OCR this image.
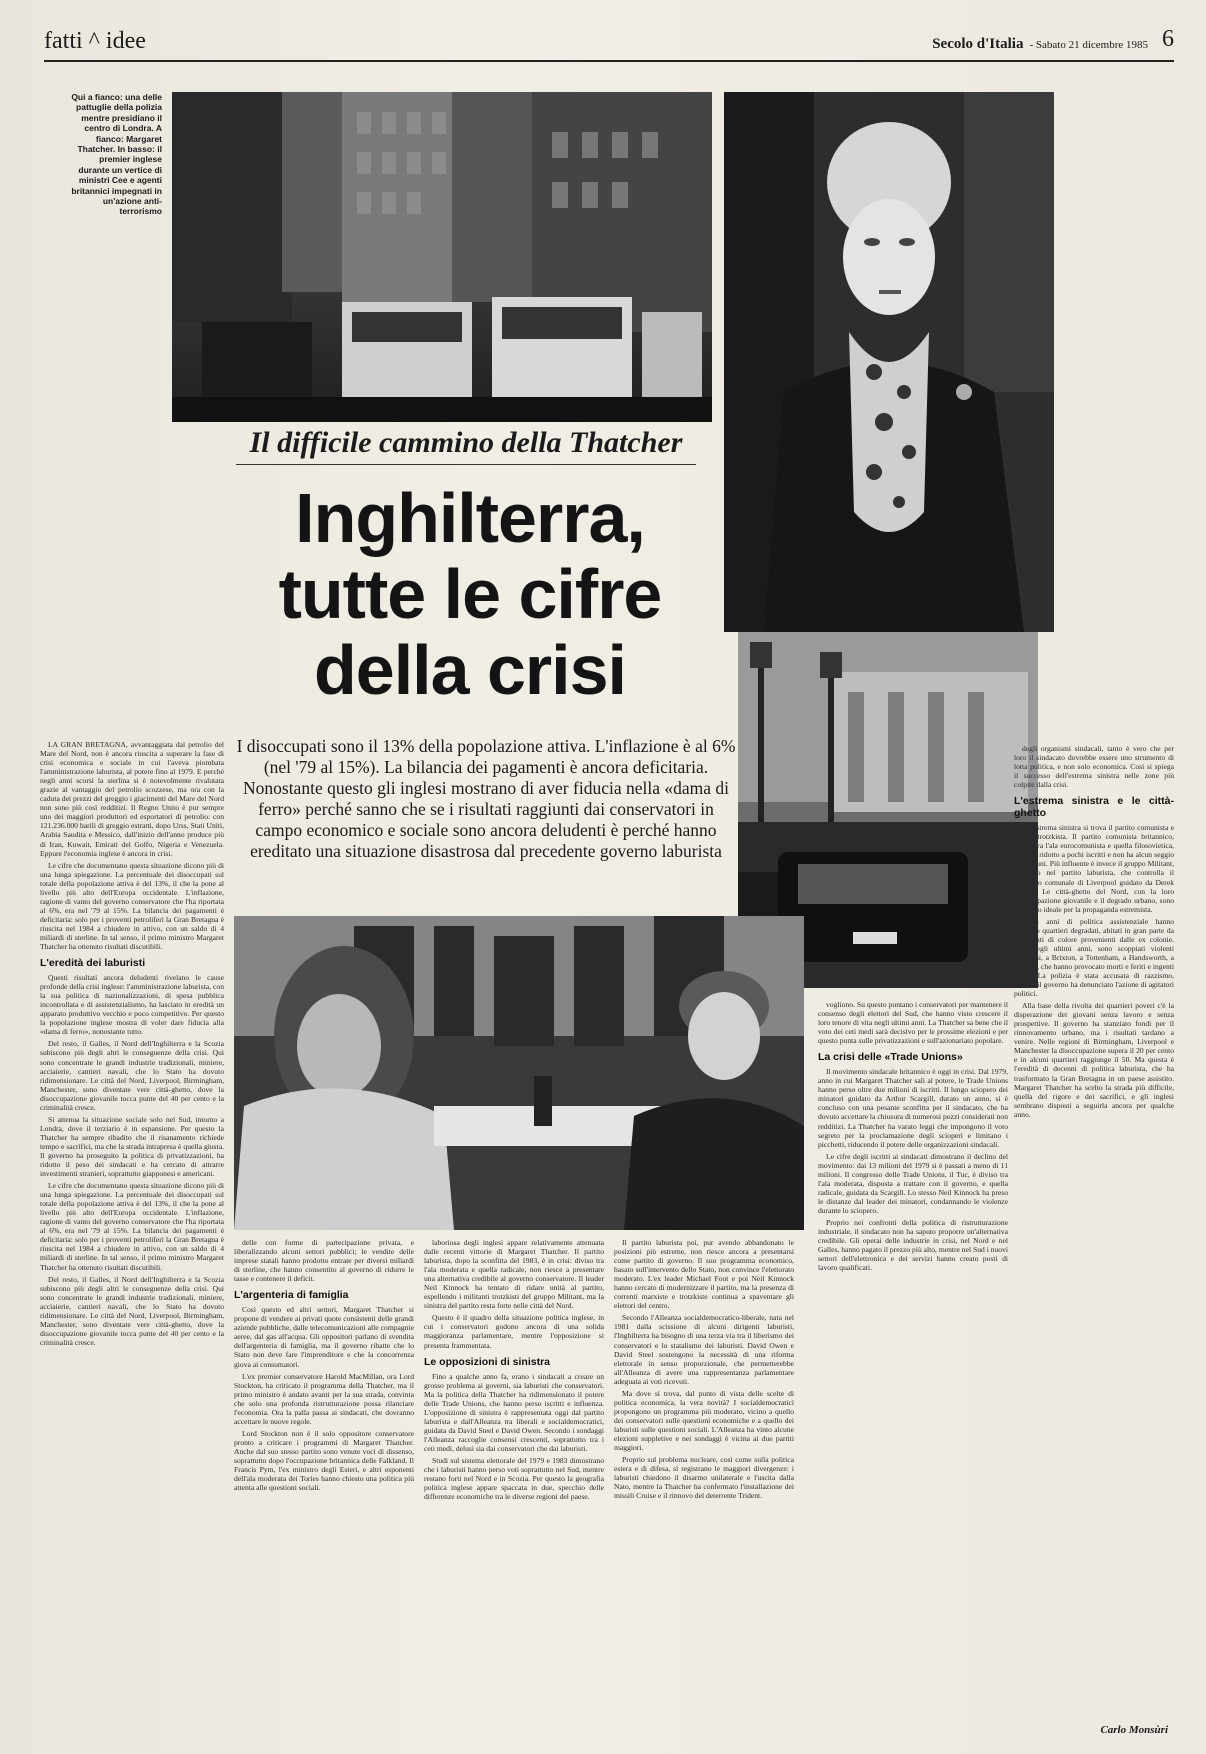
fatti ^ idee	Secolo d'Italia - Sabato 21 dicembre 1985 6
Qui a fianco: una delle pattuglie della polizia mentre presidiano il centro di Londra. A fianco: Margaret Thatcher. In basso: il premier inglese durante un vertice di ministri Cee e agenti britannici impegnati in un'azione anti-terrorismo
Il difficile cammino della Thatcher
Inghilterra,
tutte le cifre
della crisi
I disoccupati sono il 13% della popolazione attiva. L'inflazione è al 6% (nel '79 al 15%). La bilancia dei pagamenti è ancora deficitaria. Nonostante questo gli inglesi mostrano di aver fiducia nella «dama di ferro» perché sanno che se i risultati raggiunti dai conservatori in campo economico e sociale sono ancora deludenti è perché hanno ereditato una situazione disastrosa dal precedente governo laburista

LA GRAN BRETAGNA, avvantaggiata dal petrolio del Mare del Nord, non è ancora riuscita a superare la fase di crisi economica e sociale in cui l'aveva piombata l'amministrazione laburista, al potere fino al 1979. E perché negli anni scorsi la sterlina si è notevolmente rivalutata grazie al vantaggio del petrolio scozzese, ma ora con la caduta dei prezzi del greggio i giacimenti del Mare del Nord non sono più così redditizi. Il Regno Unito è pur sempre uno dei maggiori produttori ed esportatori di petrolio: con 121.236.000 barili di greggio estratti, dopo Urss, Stati Uniti, Arabia Saudita e Messico, dall'inizio dell'anno produce più di Iran, Kuwait, Emirati del Golfo, Nigeria e Venezuela. Eppure l'economia inglese è ancora in crisi.

Le cifre che documentano questa situazione dicono più di una lunga spiegazione. La percentuale dei disoccupati sul totale della popolazione attiva è del 13%, il che la pone al livello più alto dell'Europa occidentale. L'inflazione, ragione di vanto del governo conservatore che l'ha riportata al 6%, era nel '79 al 15%. La bilancia dei pagamenti è deficitaria: solo per i proventi petroliferi la Gran Bretagna è riuscita nel 1984 a chiudere in attivo, con un saldo di 4 miliardi di sterline. In tal senso, il primo ministro Margaret Thatcher ha ottenuto risultati discutibili.

L'eredità dei laburisti

Questi risultati ancora deludenti rivelano le cause profonde della crisi inglese: l'amministrazione laburista, con la sua politica di nazionalizzazioni, di spesa pubblica incontrollata e di assistenzialismo, ha lasciato in eredità un apparato produttivo vecchio e poco competitivo. Per questo la popolazione inglese mostra di voler dare fiducia alla «dama di ferro», nonostante tutto.

Del resto, il Galles, il Nord dell'Inghilterra e la Scozia subiscono più degli altri le conseguenze della crisi. Qui sono concentrate le grandi industrie tradizionali, miniere, acciaierie, cantieri navali, che lo Stato ha dovuto ridimensionare. Le città del Nord, Liverpool, Birmingham, Manchester, sono diventate vere città-ghetto, dove la disoccupazione giovanile tocca punte del 40 per cento e la criminalità cresce.

Si attenua la situazione sociale solo nel Sud, intorno a Londra, dove il terziario è in espansione. Per questo la Thatcher ha sempre ribadito che il risanamento richiede tempo e sacrifici, ma che la strada intrapresa è quella giusta. Il governo ha proseguito la politica di privatizzazioni, ha ridotto il peso dei sindacati e ha cercato di attrarre investimenti stranieri, soprattutto giapponesi e americani.

Le cifre che documentano questa situazione dicono più di una lunga spiegazione. La percentuale dei disoccupati sul totale della popolazione attiva è del 13%, il che la pone al livello più alto dell'Europa occidentale. L'inflazione, ragione di vanto del governo conservatore che l'ha riportata al 6%, era nel '79 al 15%. La bilancia dei pagamenti è deficitaria: solo per i proventi petroliferi la Gran Bretagna è riuscita nel 1984 a chiudere in attivo, con un saldo di 4 miliardi di sterline. In tal senso, il primo ministro Margaret Thatcher ha ottenuto risultati discutibili.

Del resto, il Galles, il Nord dell'Inghilterra e la Scozia subiscono più degli altri le conseguenze della crisi. Qui sono concentrate le grandi industrie tradizionali, miniere, acciaierie, cantieri navali, che lo Stato ha dovuto ridimensionare. Le città del Nord, Liverpool, Birmingham, Manchester, sono diventate vere città-ghetto, dove la disoccupazione giovanile tocca punte del 40 per cento e la criminalità cresce.

delle con forme di partecipazione privata, e liberalizzando alcuni settori pubblici; le vendite delle imprese statali hanno prodotto entrate per diversi miliardi di sterline, che hanno consentito al governo di ridurre le tasse e contenere il deficit.

L'argenteria di famiglia

Così questo ed altri settori, Margaret Thatcher si propone di vendere ai privati quote consistenti delle grandi aziende pubbliche, dalle telecomunicazioni alle compagnie aeree, dal gas all'acqua. Gli oppositori parlano di svendita dell'argenteria di famiglia, ma il governo ribatte che lo Stato non deve fare l'imprenditore e che la concorrenza giova ai consumatori.

L'ex premier conservatore Harold MacMillan, ora Lord Stockton, ha criticato il programma della Thatcher, ma il primo ministro è andato avanti per la sua strada, convinta che solo una profonda ristrutturazione possa rilanciare l'economia. Ora la palla passa ai sindacati, che dovranno accettare le nuove regole.

Lord Stockton non è il solo oppositore conservatore pronto a criticare i programmi di Margaret Thatcher. Anche dal suo stesso partito sono venute voci di dissenso, soprattutto dopo l'occupazione britannica delle Falkland. Il Francis Pym, l'ex ministro degli Esteri, e altri esponenti dell'ala moderata dei Tories hanno chiesto una politica più attenta alle questioni sociali.

laboriosa degli inglesi appare relativamente attenuata dalle recenti vittorie di Margaret Thatcher. Il partito laburista, dopo la sconfitta del 1983, è in crisi: diviso tra l'ala moderata e quella radicale, non riesce a presentare una alternativa credibile al governo conservatore. Il leader Neil Kinnock ha tentato di ridare unità al partito, espellendo i militanti trotzkisti del gruppo Militant, ma la sinistra del partito resta forte nelle città del Nord.

Questo è il quadro della situazione politica inglese, in cui i conservatori godono ancora di una solida maggioranza parlamentare, mentre l'opposizione si presenta frammentata.

Le opposizioni di sinistra

Fino a qualche anno fa, erano i sindacati a creare un grosso problema ai governi, sia laburisti che conservatori. Ma la politica della Thatcher ha ridimensionato il potere delle Trade Unions, che hanno perso iscritti e influenza. L'opposizione di sinistra è rappresentata oggi dal partito laburista e dall'Alleanza tra liberali e socialdemocratici, guidata da David Steel e David Owen. Secondo i sondaggi l'Alleanza raccoglie consensi crescenti, soprattutto tra i ceti medi, delusi sia dai conservatori che dai laburisti.

Studi sul sistema elettorale del 1979 e 1983 dimostrano che i laburisti hanno perso voti soprattutto nel Sud, mentre restano forti nel Nord e in Scozia. Per questo la geografia politica inglese appare spaccata in due, specchio delle differenze economiche tra le diverse regioni del paese.

Il partito laburista poi, pur avendo abbandonato le posizioni più estreme, non riesce ancora a presentarsi come partito di governo. Il suo programma economico, basato sull'intervento dello Stato, non convince l'elettorato moderato. L'ex leader Michael Foot e poi Neil Kinnock hanno cercato di modernizzare il partito, ma la presenza di correnti marxiste e trotzkiste continua a spaventare gli elettori del centro.

Secondo l'Alleanza socialdemocratico-liberale, nata nel 1981 dalla scissione di alcuni dirigenti laburisti, l'Inghilterra ha bisogno di una terza via tra il liberismo dei conservatori e lo statalismo dei laburisti. David Owen e David Steel sostengono la necessità di una riforma elettorale in senso proporzionale, che permetterebbe all'Alleanza di avere una rappresentanza parlamentare adeguata ai voti ricevuti.

Ma dove si trova, dal punto di vista delle scelte di politica economica, la vera novità? I socialdemocratici propongono un programma più moderato, vicino a quello dei conservatori sulle questioni economiche e a quello dei laburisti sulle questioni sociali. L'Alleanza ha vinto alcune elezioni suppletive e nei sondaggi è vicina ai due partiti maggiori.

Proprio sul problema nucleare, così come sulla politica estera e di difesa, si registrano le maggiori divergenze: i laburisti chiedono il disarmo unilaterale e l'uscita dalla Nato, mentre la Thatcher ha confermato l'installazione dei missili Cruise e il rinnovo del deterrente Trident.

vogliono. Su questo puntano i conservatori per mantenere il consenso degli elettori del Sud, che hanno visto crescere il loro tenore di vita negli ultimi anni. La Thatcher sa bene che il voto dei ceti medi sarà decisivo per le prossime elezioni e per questo punta sulle privatizzazioni e sull'azionariato popolare.

La crisi delle «Trade Unions»

Il movimento sindacale britannico è oggi in crisi. Dal 1979, anno in cui Margaret Thatcher salì al potere, le Trade Unions hanno perso oltre due milioni di iscritti. Il lungo sciopero dei minatori guidato da Arthur Scargill, durato un anno, si è concluso con una pesante sconfitta per il sindacato, che ha dovuto accettare la chiusura di numerosi pozzi considerati non redditizi. La Thatcher ha varato leggi che impongono il voto segreto per la proclamazione degli scioperi e limitano i picchetti, riducendo il potere delle organizzazioni sindacali.

Le cifre degli iscritti ai sindacati dimostrano il declino del movimento: dai 13 milioni del 1979 si è passati a meno di 11 milioni. Il congresso delle Trade Unions, il Tuc, è diviso tra l'ala moderata, disposta a trattare con il governo, e quella radicale, guidata da Scargill. Lo stesso Neil Kinnock ha preso le distanze dal leader dei minatori, condannando le violenze durante lo sciopero.

Proprio nei confronti della politica di ristrutturazione industriale, il sindacato non ha saputo proporre un'alternativa credibile. Gli operai delle industrie in crisi, nel Nord e nel Galles, hanno pagato il prezzo più alto, mentre nel Sud i nuovi settori dell'elettronica e dei servizi hanno creato posti di lavoro qualificati.

degli organismi sindacali, tanto è vero che per loro il sindacato dovrebbe essere uno strumento di lotta politica, e non solo economica. Così si spiega il successo dell'estrema sinistra nelle zone più colpite dalla crisi.

L'estrema sinistra e le città-ghetto

All'estrema sinistra si trova il partito comunista e quello trotzkista. Il partito comunista britannico, diviso tra l'ala eurocomunista e quella filosovietica, è ormai ridotto a pochi iscritti e non ha alcun seggio ai Comuni. Più influente è invece il gruppo Militant, infiltrato nel partito laburista, che controlla il consiglio comunale di Liverpool guidato da Derek Hatton. Le città-ghetto del Nord, con la loro disoccupazione giovanile e il degrado urbano, sono il terreno ideale per la propaganda estremista.

Molti anni di politica assistenziale hanno prodotto quartieri degradati, abitati in gran parte da immigrati di colore provenienti dalle ex colonie. Qui, negli ultimi anni, sono scoppiati violenti disordini, a Brixton, a Tottenham, a Handsworth, a Toxteth, che hanno provocato morti e feriti e ingenti danni. La polizia è stata accusata di razzismo, mentre il governo ha denunciato l'azione di agitatori politici.

Alla base della rivolta dei quartieri poveri c'è la disperazione dei giovani senza lavoro e senza prospettive. Il governo ha stanziato fondi per il rinnovamento urbano, ma i risultati tardano a venire. Nelle regioni di Birmingham, Liverpool e Manchester la disoccupazione supera il 20 per cento e in alcuni quartieri raggiunge il 50. Ma questa è l'eredità di decenni di politica laburista, che ha trasformato la Gran Bretagna in un paese assistito. Margaret Thatcher ha scelto la strada più difficile, quella del rigore e dei sacrifici, e gli inglesi sembrano disposti a seguirla ancora per qualche anno.

Carlo Monsùri
